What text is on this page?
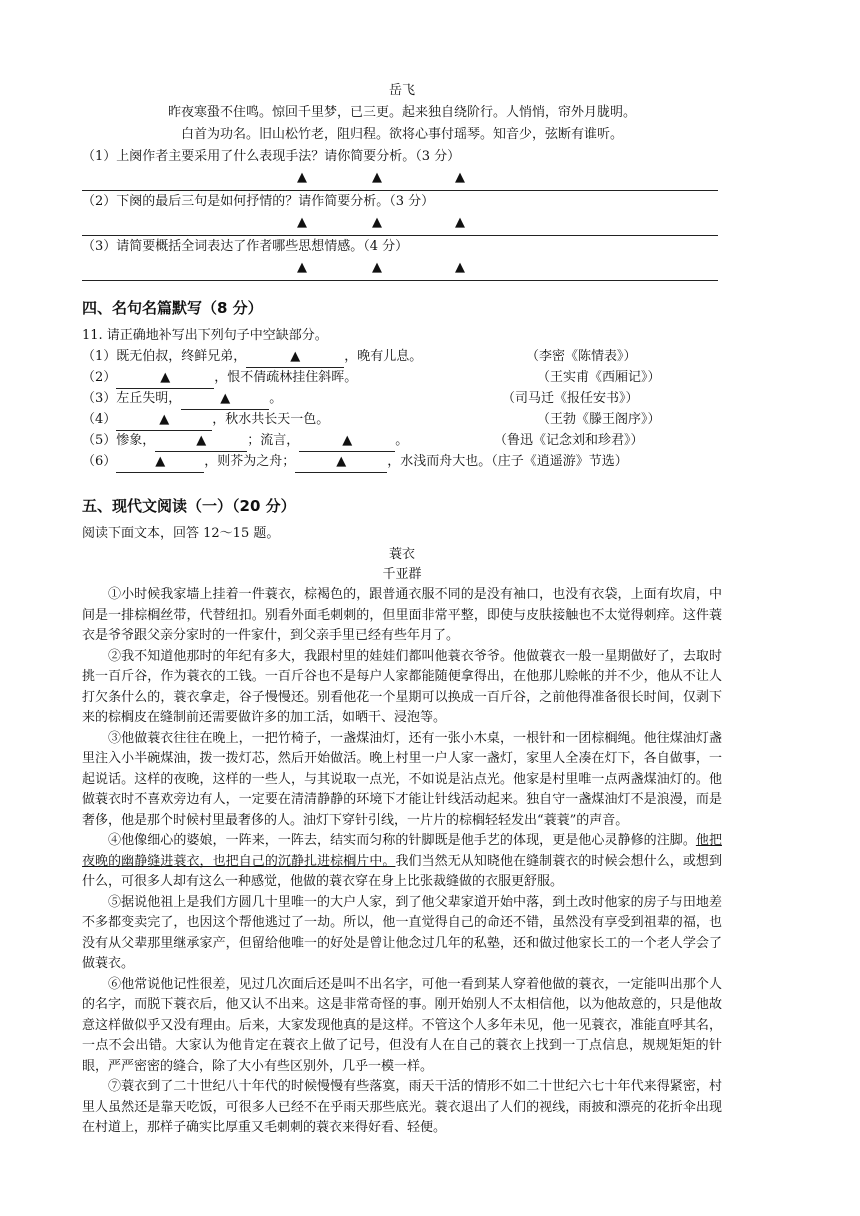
岳飞
昨夜寒蛩不住鸣。惊回千里梦，已三更。起来独自绕阶行。人悄悄，帘外月胧明。
白首为功名。旧山松竹老，阻归程。欲将心事付瑶琴。知音少，弦断有谁听。
（1）上阕作者主要采用了什么表现手法？请你简要分析。（3 分）
▲	▲	▲
（2）下阕的最后三句是如何抒情的？请作简要分析。（3 分）
▲	▲	▲
（3）请简要概括全词表达了作者哪些思想情感。（4 分）
▲	▲	▲
四、名句名篇默写（8 分）
11. 请正确地补写出下列句子中空缺部分。
（1）既无伯叔，终鲜兄弟，	▲	，晚有儿息。	（李密《陈情表》）
（2）	▲	，恨不倩疏林挂住斜晖。	（王实甫《西厢记》）
（3）左丘失明，	▲	。	（司马迁《报任安书》）
（4）	▲	，秋水共长天一色。	（王勃《滕王阁序》）
（5）惨象，	▲	；流言，	▲	。	（鲁迅《记念刘和珍君》）
（6）	▲	，则芥为之舟；	▲	，水浅而舟大也。（庄子《逍遥游》节选）
五、现代文阅读（一）（20 分）
阅读下面文本，回答 12～15 题。
蓑衣
千亚群

①小时候我家墙上挂着一件蓑衣，棕褐色的，跟普通衣服不同的是没有袖口，也没有衣袋，上面有坎肩，中间是一排棕榈丝带，代替纽扣。别看外面毛刺刺的，但里面非常平整，即使与皮肤接触也不太觉得刺痒。这件蓑衣是爷爷跟父亲分家时的一件家什，到父亲手里已经有些年月了。

②我不知道他那时的年纪有多大，我跟村里的娃娃们都叫他蓑衣爷爷。他做蓑衣一般一星期做好了，去取时挑一百斤谷，作为蓑衣的工钱。一百斤谷也不是每户人家都能随便拿得出，在他那儿赊帐的并不少，他从不让人打欠条什么的，蓑衣拿走，谷子慢慢还。别看他花一个星期可以换成一百斤谷，之前他得准备很长时间，仅剥下来的棕榈皮在缝制前还需要做许多的加工活，如晒干、浸泡等。

③他做蓑衣往往在晚上，一把竹椅子，一盏煤油灯，还有一张小木桌，一根针和一团棕榈绳。他往煤油灯盏里注入小半碗煤油，拨一拨灯芯，然后开始做活。晚上村里一户人家一盏灯，家里人全凑在灯下，各自做事，一起说话。这样的夜晚，这样的一些人，与其说取一点光，不如说是沾点光。他家是村里唯一点两盏煤油灯的。他做蓑衣时不喜欢旁边有人，一定要在清清静静的环境下才能让针线活动起来。独自守一盏煤油灯不是浪漫，而是奢侈，他是那个时候村里最奢侈的人。油灯下穿针引线，一片片的棕榈轻轻发出“蓑蓑”的声音。

④他像细心的婆娘，一阵来，一阵去，结实而匀称的针脚既是他手艺的体现，更是他心灵静修的注脚。他把夜晚的幽静缝进蓑衣，也把自己的沉静扎进棕榈片中。我们当然无从知晓他在缝制蓑衣的时候会想什么，或想到什么，可很多人却有这么一种感觉，他做的蓑衣穿在身上比张裁缝做的衣服更舒服。

⑤据说他祖上是我们方圆几十里唯一的大户人家，到了他父辈家道开始中落，到土改时他家的房子与田地差不多都变卖完了，也因这个帮他逃过了一劫。所以，他一直觉得自己的命还不错，虽然没有享受到祖辈的福，也没有从父辈那里继承家产，但留给他唯一的好处是曾让他念过几年的私塾，还和做过他家长工的一个老人学会了做蓑衣。

⑥他常说他记性很差，见过几次面后还是叫不出名字，可他一看到某人穿着他做的蓑衣，一定能叫出那个人的名字，而脱下蓑衣后，他又认不出来。这是非常奇怪的事。刚开始别人不太相信他，以为他故意的，只是他故意这样做似乎又没有理由。后来，大家发现他真的是这样。不管这个人多年未见，他一见蓑衣，准能直呼其名，一点不会出错。大家认为他肯定在蓑衣上做了记号，但没有人在自己的蓑衣上找到一丁点信息，规规矩矩的针眼，严严密密的缝合，除了大小有些区别外，几乎一模一样。

⑦蓑衣到了二十世纪八十年代的时候慢慢有些落寞，雨天干活的情形不如二十世纪六七十年代来得紧密，村里人虽然还是靠天吃饭，可很多人已经不在乎雨天那些底光。蓑衣退出了人们的视线，雨披和漂亮的花折伞出现在村道上，那样子确实比厚重又毛刺刺的蓑衣来得好看、轻便。
